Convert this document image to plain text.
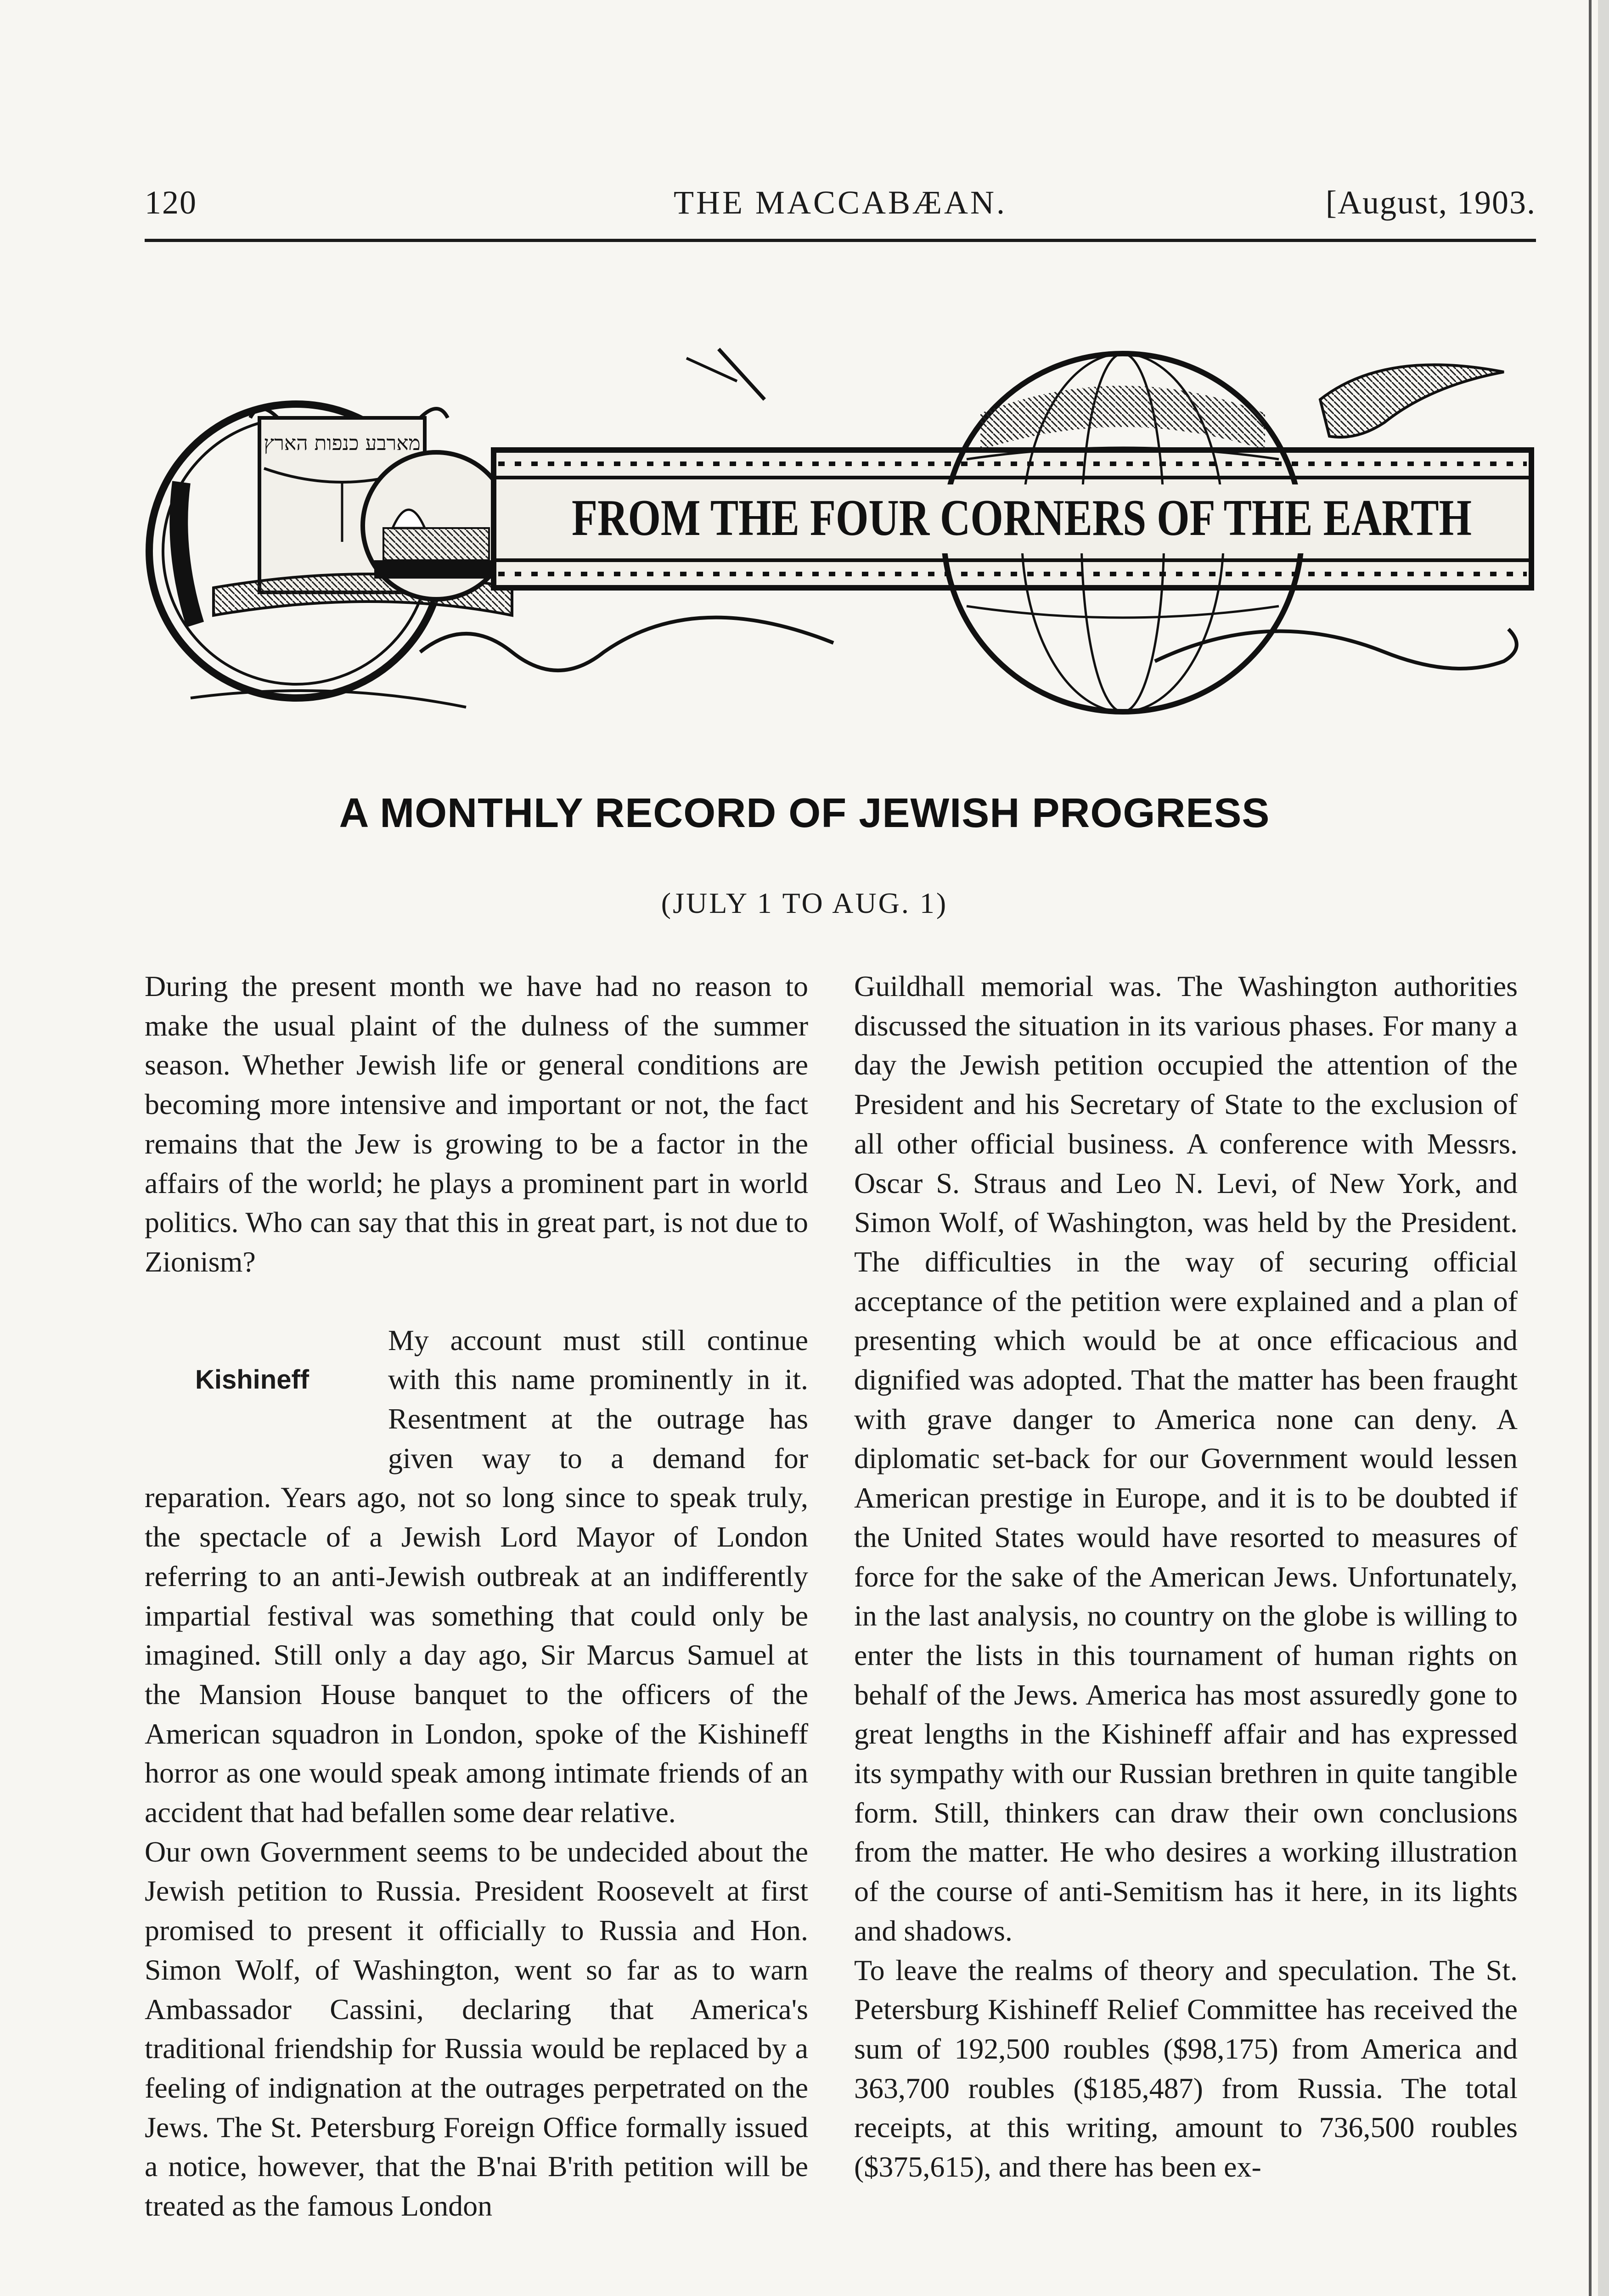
120	THE MACCABÆAN.	[August, 1903.
מארבע כנפות הארץ
FROM THE FOUR CORNERS OF THE EARTH
A MONTHLY RECORD OF JEWISH PROGRESS
(JULY 1 TO AUG. 1)

During the present month we have had no reason to make the usual plaint of the dulness of the summer season. Whether Jewish life or general conditions are becoming more intensive and important or not, the fact remains that the Jew is growing to be a factor in the affairs of the world; he plays a prominent part in world politics. Who can say that this in great part, is not due to Zionism?

Kishineff

My account must still continue with this name prominently in it. Resentment at the outrage has given way to a demand for reparation. Years ago, not so long since to speak truly, the spectacle of a Jewish Lord Mayor of London referring to an anti-Jewish outbreak at an indifferently impartial festival was something that could only be imagined. Still only a day ago, Sir Marcus Samuel at the Mansion House banquet to the officers of the American squadron in London, spoke of the Kishineff horror as one would speak among intimate friends of an accident that had befallen some dear relative.

Our own Government seems to be undecided about the Jewish petition to Russia. President Roosevelt at first promised to present it officially to Russia and Hon. Simon Wolf, of Washington, went so far as to warn Ambassador Cassini, declaring that America's traditional friendship for Russia would be replaced by a feeling of indignation at the outrages perpetrated on the Jews. The St. Petersburg Foreign Office formally issued a notice, however, that the B'nai B'rith petition will be treated as the famous London

Guildhall memorial was. The Washington authorities discussed the situation in its various phases. For many a day the Jewish petition occupied the attention of the President and his Secretary of State to the exclusion of all other official business. A conference with Messrs. Oscar S. Straus and Leo N. Levi, of New York, and Simon Wolf, of Washington, was held by the President. The difficulties in the way of securing official acceptance of the petition were explained and a plan of presenting which would be at once efficacious and dignified was adopted. That the matter has been fraught with grave danger to America none can deny. A diplomatic set-back for our Government would lessen American prestige in Europe, and it is to be doubted if the United States would have resorted to measures of force for the sake of the American Jews. Unfortunately, in the last analysis, no country on the globe is willing to enter the lists in this tournament of human rights on behalf of the Jews. America has most assuredly gone to great lengths in the Kishineff affair and has expressed its sympathy with our Russian brethren in quite tangible form. Still, thinkers can draw their own conclusions from the matter. He who desires a working illustration of the course of anti-Semitism has it here, in its lights and shadows.

To leave the realms of theory and speculation. The St. Petersburg Kishineff Relief Committee has received the sum of 192,500 roubles ($98,175) from America and 363,700 roubles ($185,487) from Russia. The total receipts, at this writing, amount to 736,500 roubles ($375,615), and there has been ex-
